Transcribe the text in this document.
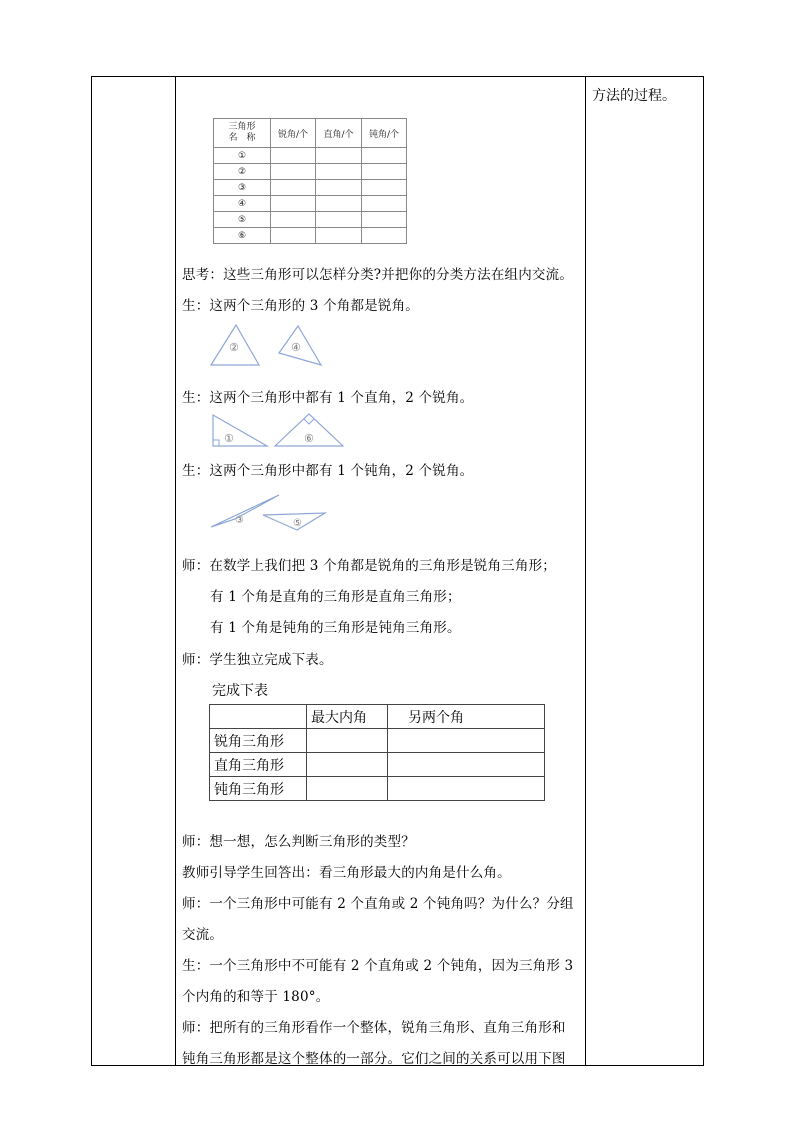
方法的过程。
三角形
名　称	锐角/个	直角/个	钝角/个
①			
②			
③			
④			
⑤			
⑥			
思考：这些三角形可以怎样分类?并把你的分类方法在组内交流。
生：这两个三角形的 3 个角都是锐角。
②	④
生：这两个三角形中都有 1 个直角，2 个锐角。
①	⑥
生：这两个三角形中都有 1 个钝角，2 个锐角。
③	⑤
师：在数学上我们把 3 个角都是锐角的三角形是锐角三角形；
有 1 个角是直角的三角形是直角三角形；
有 1 个角是钝角的三角形是钝角三角形。
师：学生独立完成下表。
完成下表
	最大内角	另两个角
锐角三角形		
直角三角形		
钝角三角形		
师：想一想，怎么判断三角形的类型？
教师引导学生回答出：看三角形最大的内角是什么角。
师：一个三角形中可能有 2 个直角或 2 个钝角吗？为什么？分组
交流。
生：一个三角形中不可能有 2 个直角或 2 个钝角，因为三角形 3
个内角的和等于 180°。
师：把所有的三角形看作一个整体，锐角三角形、直角三角形和
钝角三角形都是这个整体的一部分。它们之间的关系可以用下图
